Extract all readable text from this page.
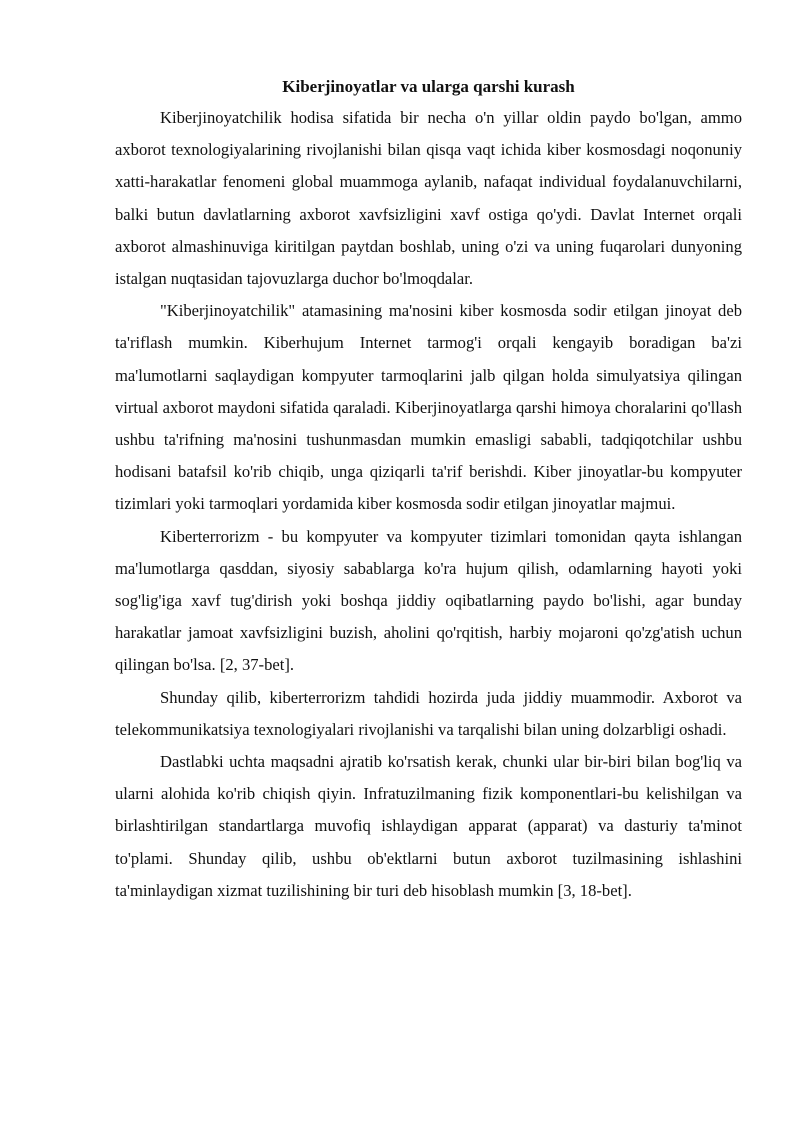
Kiberjinoyatlar va ularga qarshi kurash

Kiberjinoyatchilik hodisa sifatida bir necha o'n yillar oldin paydo bo'lgan, ammo axborot texnologiyalarining rivojlanishi bilan qisqa vaqt ichida kiber kosmosdagi noqonuniy xatti-harakatlar fenomeni global muammoga aylanib, nafaqat individual foydalanuvchilarni, balki butun davlatlarning axborot xavfsizligini xavf ostiga qo'ydi. Davlat Internet orqali axborot almashinuviga kiritilgan paytdan boshlab, uning o'zi va uning fuqarolari dunyoning istalgan nuqtasidan tajovuzlarga duchor bo'lmoqdalar.

"Kiberjinoyatchilik" atamasining ma'nosini kiber kosmosda sodir etilgan jinoyat deb ta'riflash mumkin. Kiberhujum Internet tarmog'i orqali kengayib boradigan ba'zi ma'lumotlarni saqlaydigan kompyuter tarmoqlarini jalb qilgan holda simulyatsiya qilingan virtual axborot maydoni sifatida qaraladi. Kiberjinoyatlarga qarshi himoya choralarini qo'llash ushbu ta'rifning ma'nosini tushunmasdan mumkin emasligi sababli, tadqiqotchilar ushbu hodisani batafsil ko'rib chiqib, unga qiziqarli ta'rif berishdi. Kiber jinoyatlar-bu kompyuter tizimlari yoki tarmoqlari yordamida kiber kosmosda sodir etilgan jinoyatlar majmui.

Kiberterrorizm - bu kompyuter va kompyuter tizimlari tomonidan qayta ishlangan ma'lumotlarga qasddan, siyosiy sabablarga ko'ra hujum qilish, odamlarning hayoti yoki sog'lig'iga xavf tug'dirish yoki boshqa jiddiy oqibatlarning paydo bo'lishi, agar bunday harakatlar jamoat xavfsizligini buzish, aholini qo'rqitish, harbiy mojaroni qo'zg'atish uchun qilingan bo'lsa. [2, 37-bet].

Shunday qilib, kiberterrorizm tahdidi hozirda juda jiddiy muammodir. Axborot va telekommunikatsiya texnologiyalari rivojlanishi va tarqalishi bilan uning dolzarbligi oshadi.

Dastlabki uchta maqsadni ajratib ko'rsatish kerak, chunki ular bir-biri bilan bog'liq va ularni alohida ko'rib chiqish qiyin. Infratuzilmaning fizik komponentlari-bu kelishilgan va birlashtirilgan standartlarga muvofiq ishlaydigan apparat (apparat) va dasturiy ta'minot to'plami. Shunday qilib, ushbu ob'ektlarni butun axborot tuzilmasining ishlashini ta'minlaydigan xizmat tuzilishining bir turi deb hisoblash mumkin [3, 18-bet].
